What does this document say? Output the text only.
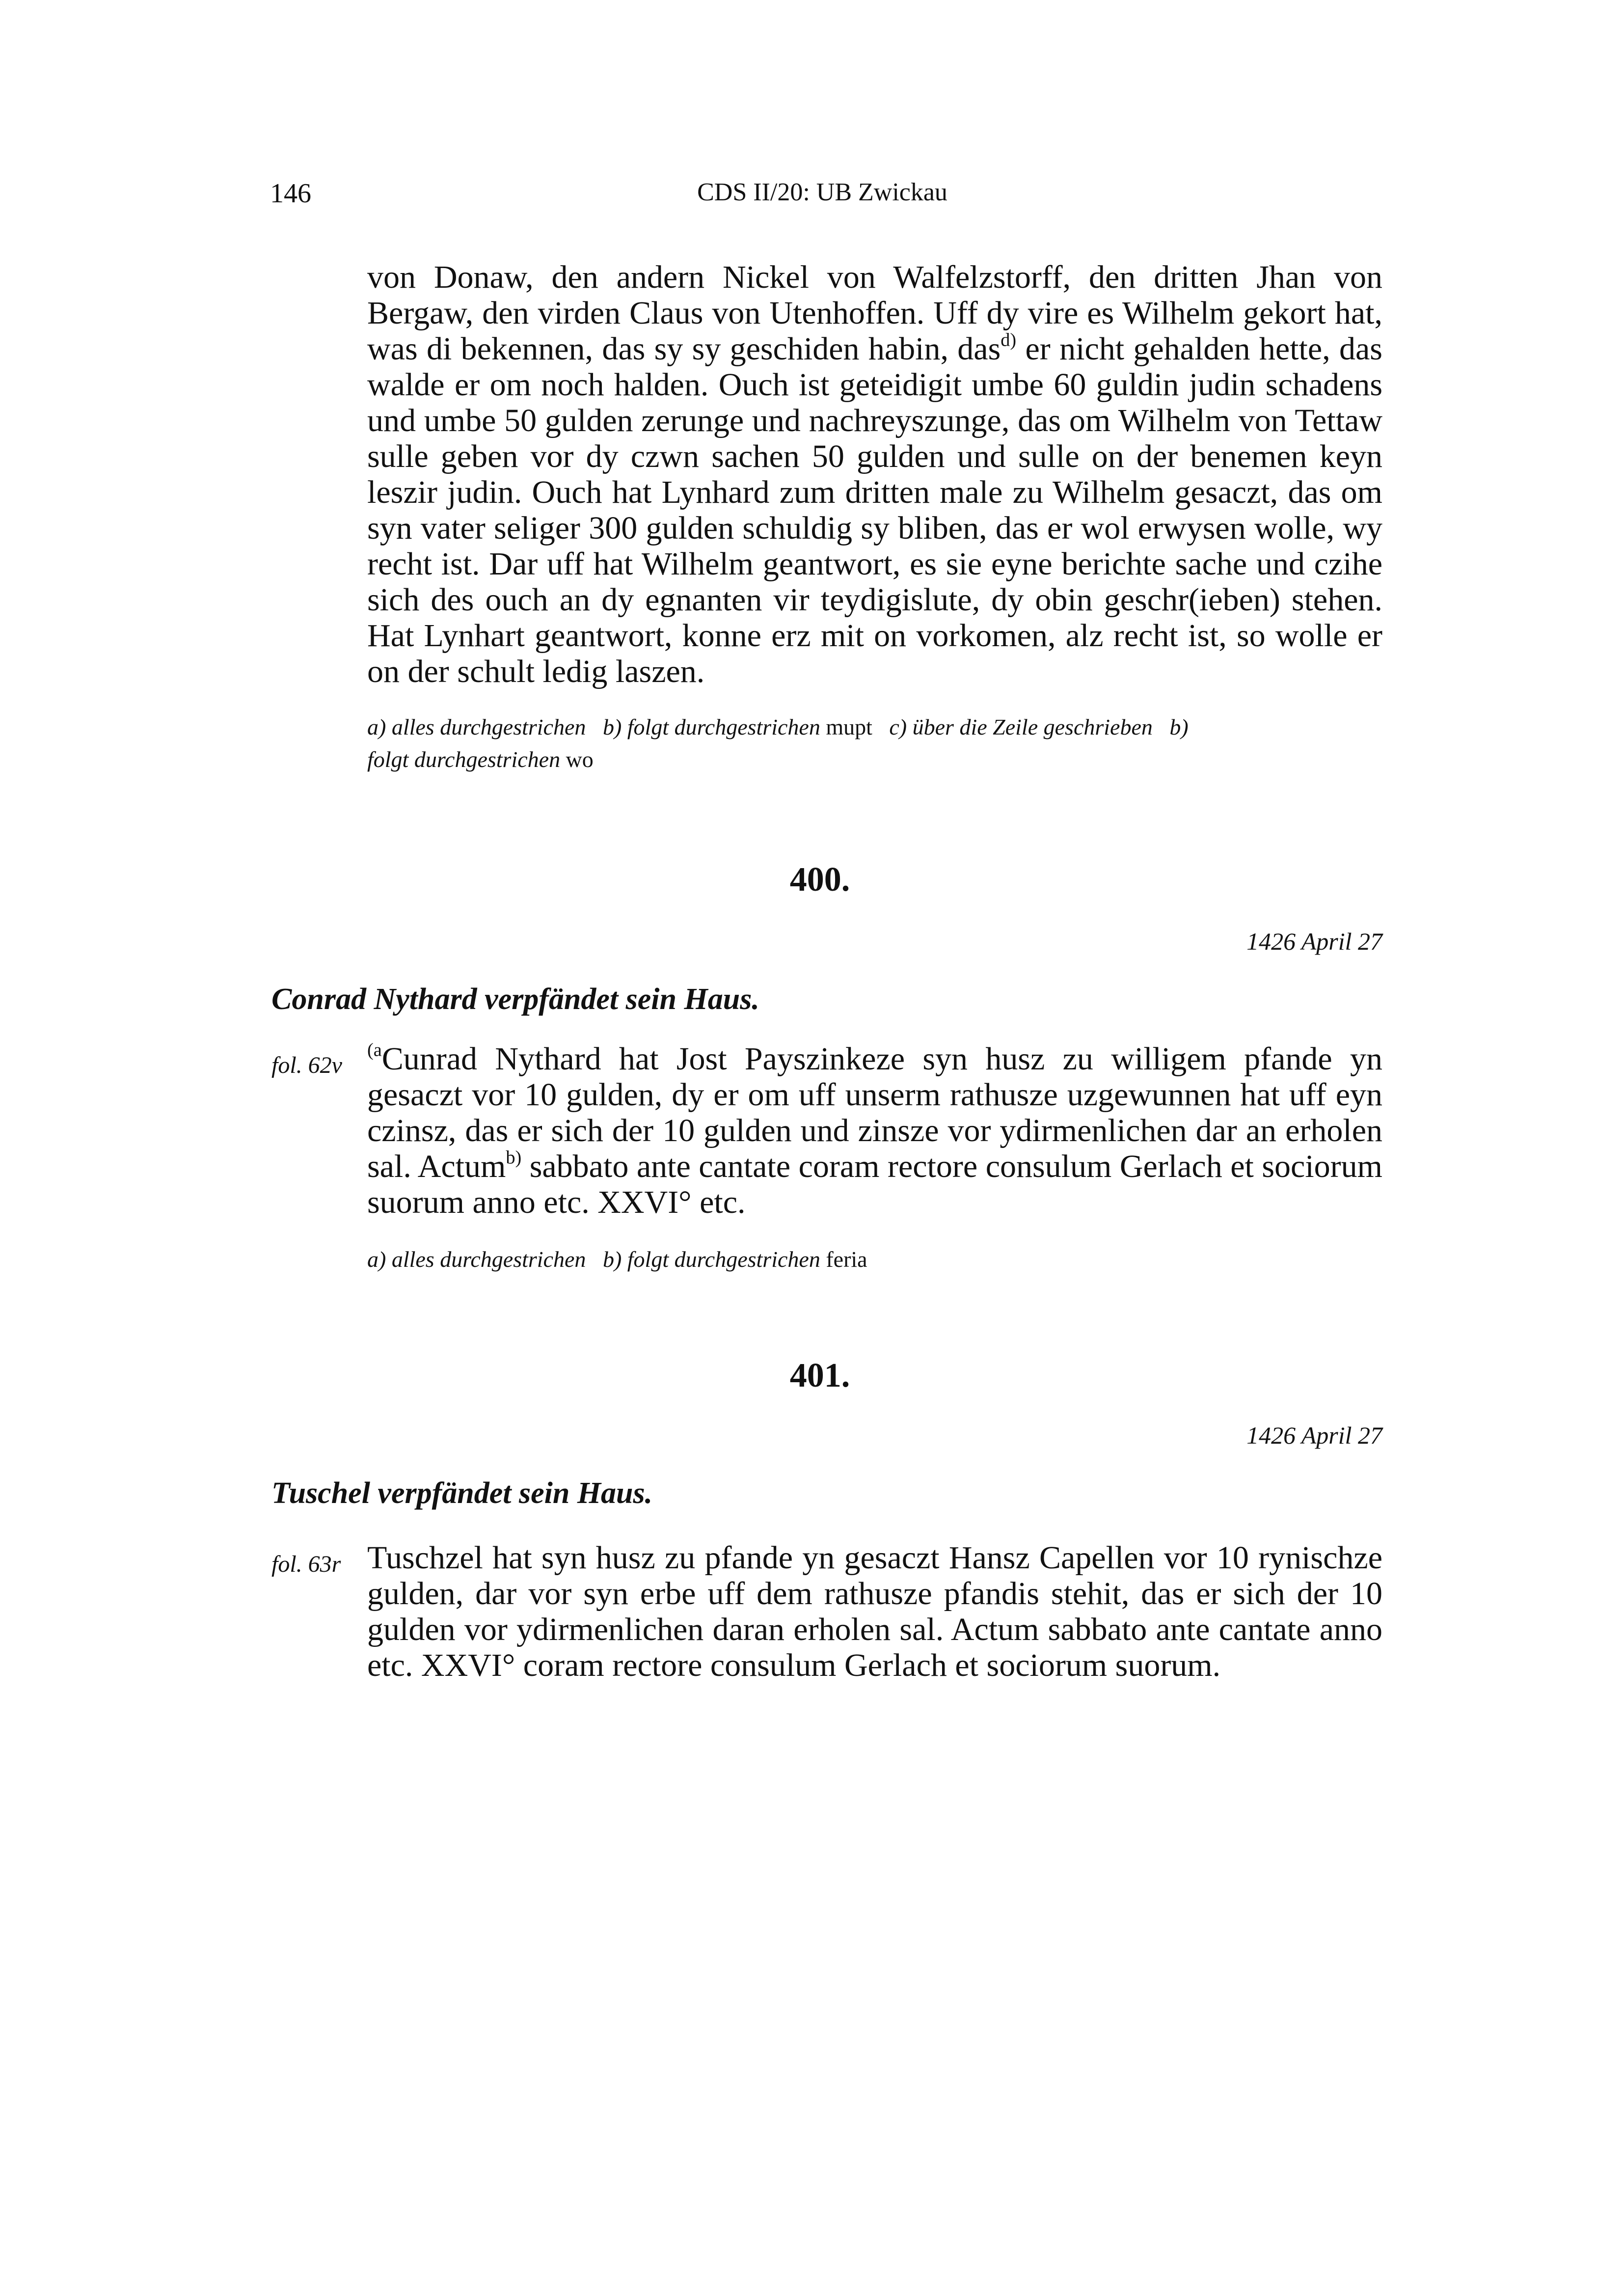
146	CDS II/20: UB Zwickau

von Donaw, den andern Nickel von Walfelzstorff, den dritten Jhan von Bergaw, den virden Claus von Utenhoffen. Uff dy vire es Wilhelm gekort hat, was di bekennen, das sy sy geschiden habin, das$^{d)}$ er nicht gehalden hette, das walde er om noch halden. Ouch ist geteidigit umbe 60 guldin judin schadens und umbe 50 gulden zerunge und nachreyszunge, das om Wilhelm von Tettaw sulle geben vor dy czwn sachen 50 gulden und sulle on der benemen keyn leszir judin. Ouch hat Lynhard zum dritten male zu Wilhelm gesaczt, das om syn vater seliger 300 gulden schuldig sy bliben, das er wol erwysen wolle, wy recht ist. Dar uff hat Wilhelm geantwort, es sie eyne berichte sache und czihe sich des ouch an dy egnanten vir teydigislute, dy obin geschr(ieben) stehen. Hat Lynhart geantwort, konne erz mit on vorkomen, alz recht ist, so wolle er on der schult ledig laszen.

a) alles durchgestrichen  b) folgt durchgestrichen mupt  c) über die Zeile geschrieben  b)
folgt durchgestrichen wo
400.
1426 April 27
Conrad Nythard verpfändet sein Haus.
fol. 62v

$^{(a}$Cunrad Nythard hat Jost Payszinkeze syn husz zu willigem pfande yn gesaczt vor 10 gulden, dy er om uff unserm rathusze uzgewunnen hat uff eyn czinsz, das er sich der 10 gulden und zinsze vor ydirmenlichen dar an erholen sal. Actum$^{b)}$ sabbato ante cantate coram rectore consulum Gerlach et sociorum suorum anno etc. XXVI° etc.

a) alles durchgestrichen  b) folgt durchgestrichen feria
401.
1426 April 27
Tuschel verpfändet sein Haus.
fol. 63r Tuschzel hat syn husz zu pfande yn gesaczt Hansz Capellen vor 10 rynischze gulden, dar vor syn erbe uff dem rathusze pfandis stehit, das er sich der 10 gulden vor ydirmenlichen daran erholen sal. Actum sabbato ante cantate anno etc. XXVI° coram rectore consulum Gerlach et sociorum suorum.
